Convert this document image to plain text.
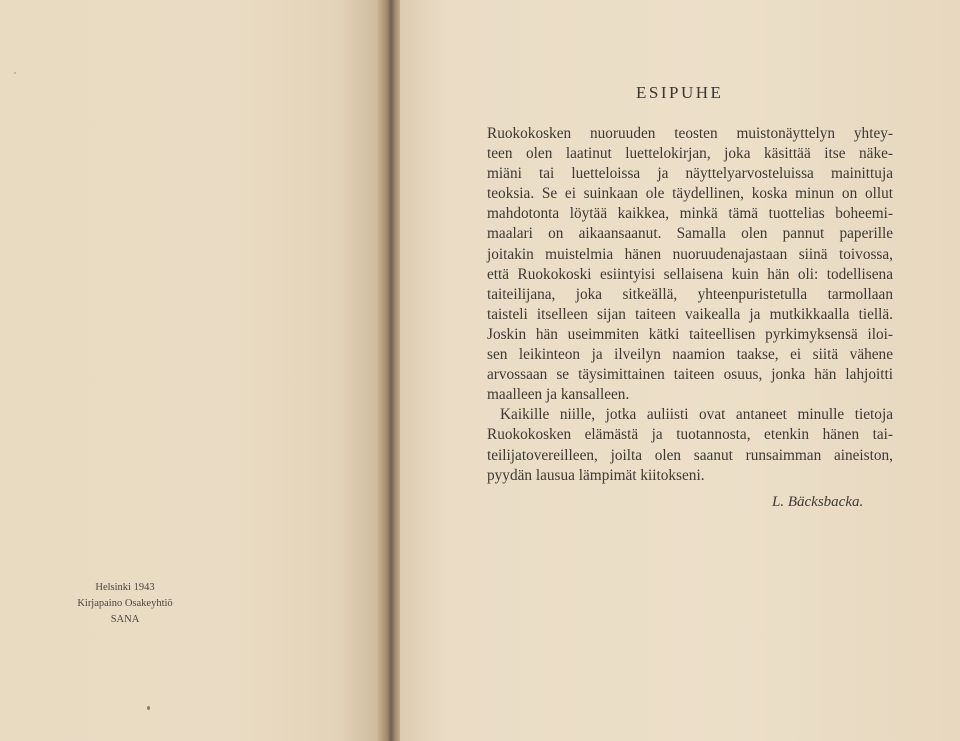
Helsinki 1943
Kirjapaino Osakeyhtiö
SANA
ESIPUHE
Ruokokosken nuoruuden teosten muistonäyttelyn yhtey-
teen olen laatinut luettelokirjan, joka käsittää itse näke-
miäni tai luetteloissa ja näyttelyarvosteluissa mainittuja
teoksia. Se ei suinkaan ole täydellinen, koska minun on ollut
mahdotonta löytää kaikkea, minkä tämä tuottelias boheemi-
maalari on aikaansaanut. Samalla olen pannut paperille
joitakin muistelmia hänen nuoruudenajastaan siinä toivossa,
että Ruokokoski esiintyisi sellaisena kuin hän oli: todellisena
taiteilijana, joka sitkeällä, yhteenpuristetulla tarmollaan
taisteli itselleen sijan taiteen vaikealla ja mutkikkaalla tiellä.
Joskin hän useimmiten kätki taiteellisen pyrkimyksensä iloi-
sen leikinteon ja ilveilyn naamion taakse, ei siitä vähene
arvossaan se täysimittainen taiteen osuus, jonka hän lahjoitti
maalleen ja kansalleen.
Kaikille niille, jotka auliisti ovat antaneet minulle tietoja
Ruokokosken elämästä ja tuotannosta, etenkin hänen tai-
teilijatovereilleen, joilta olen saanut runsaimman aineiston,
pyydän lausua lämpimät kiitokseni.
L. Bäcksbacka.
